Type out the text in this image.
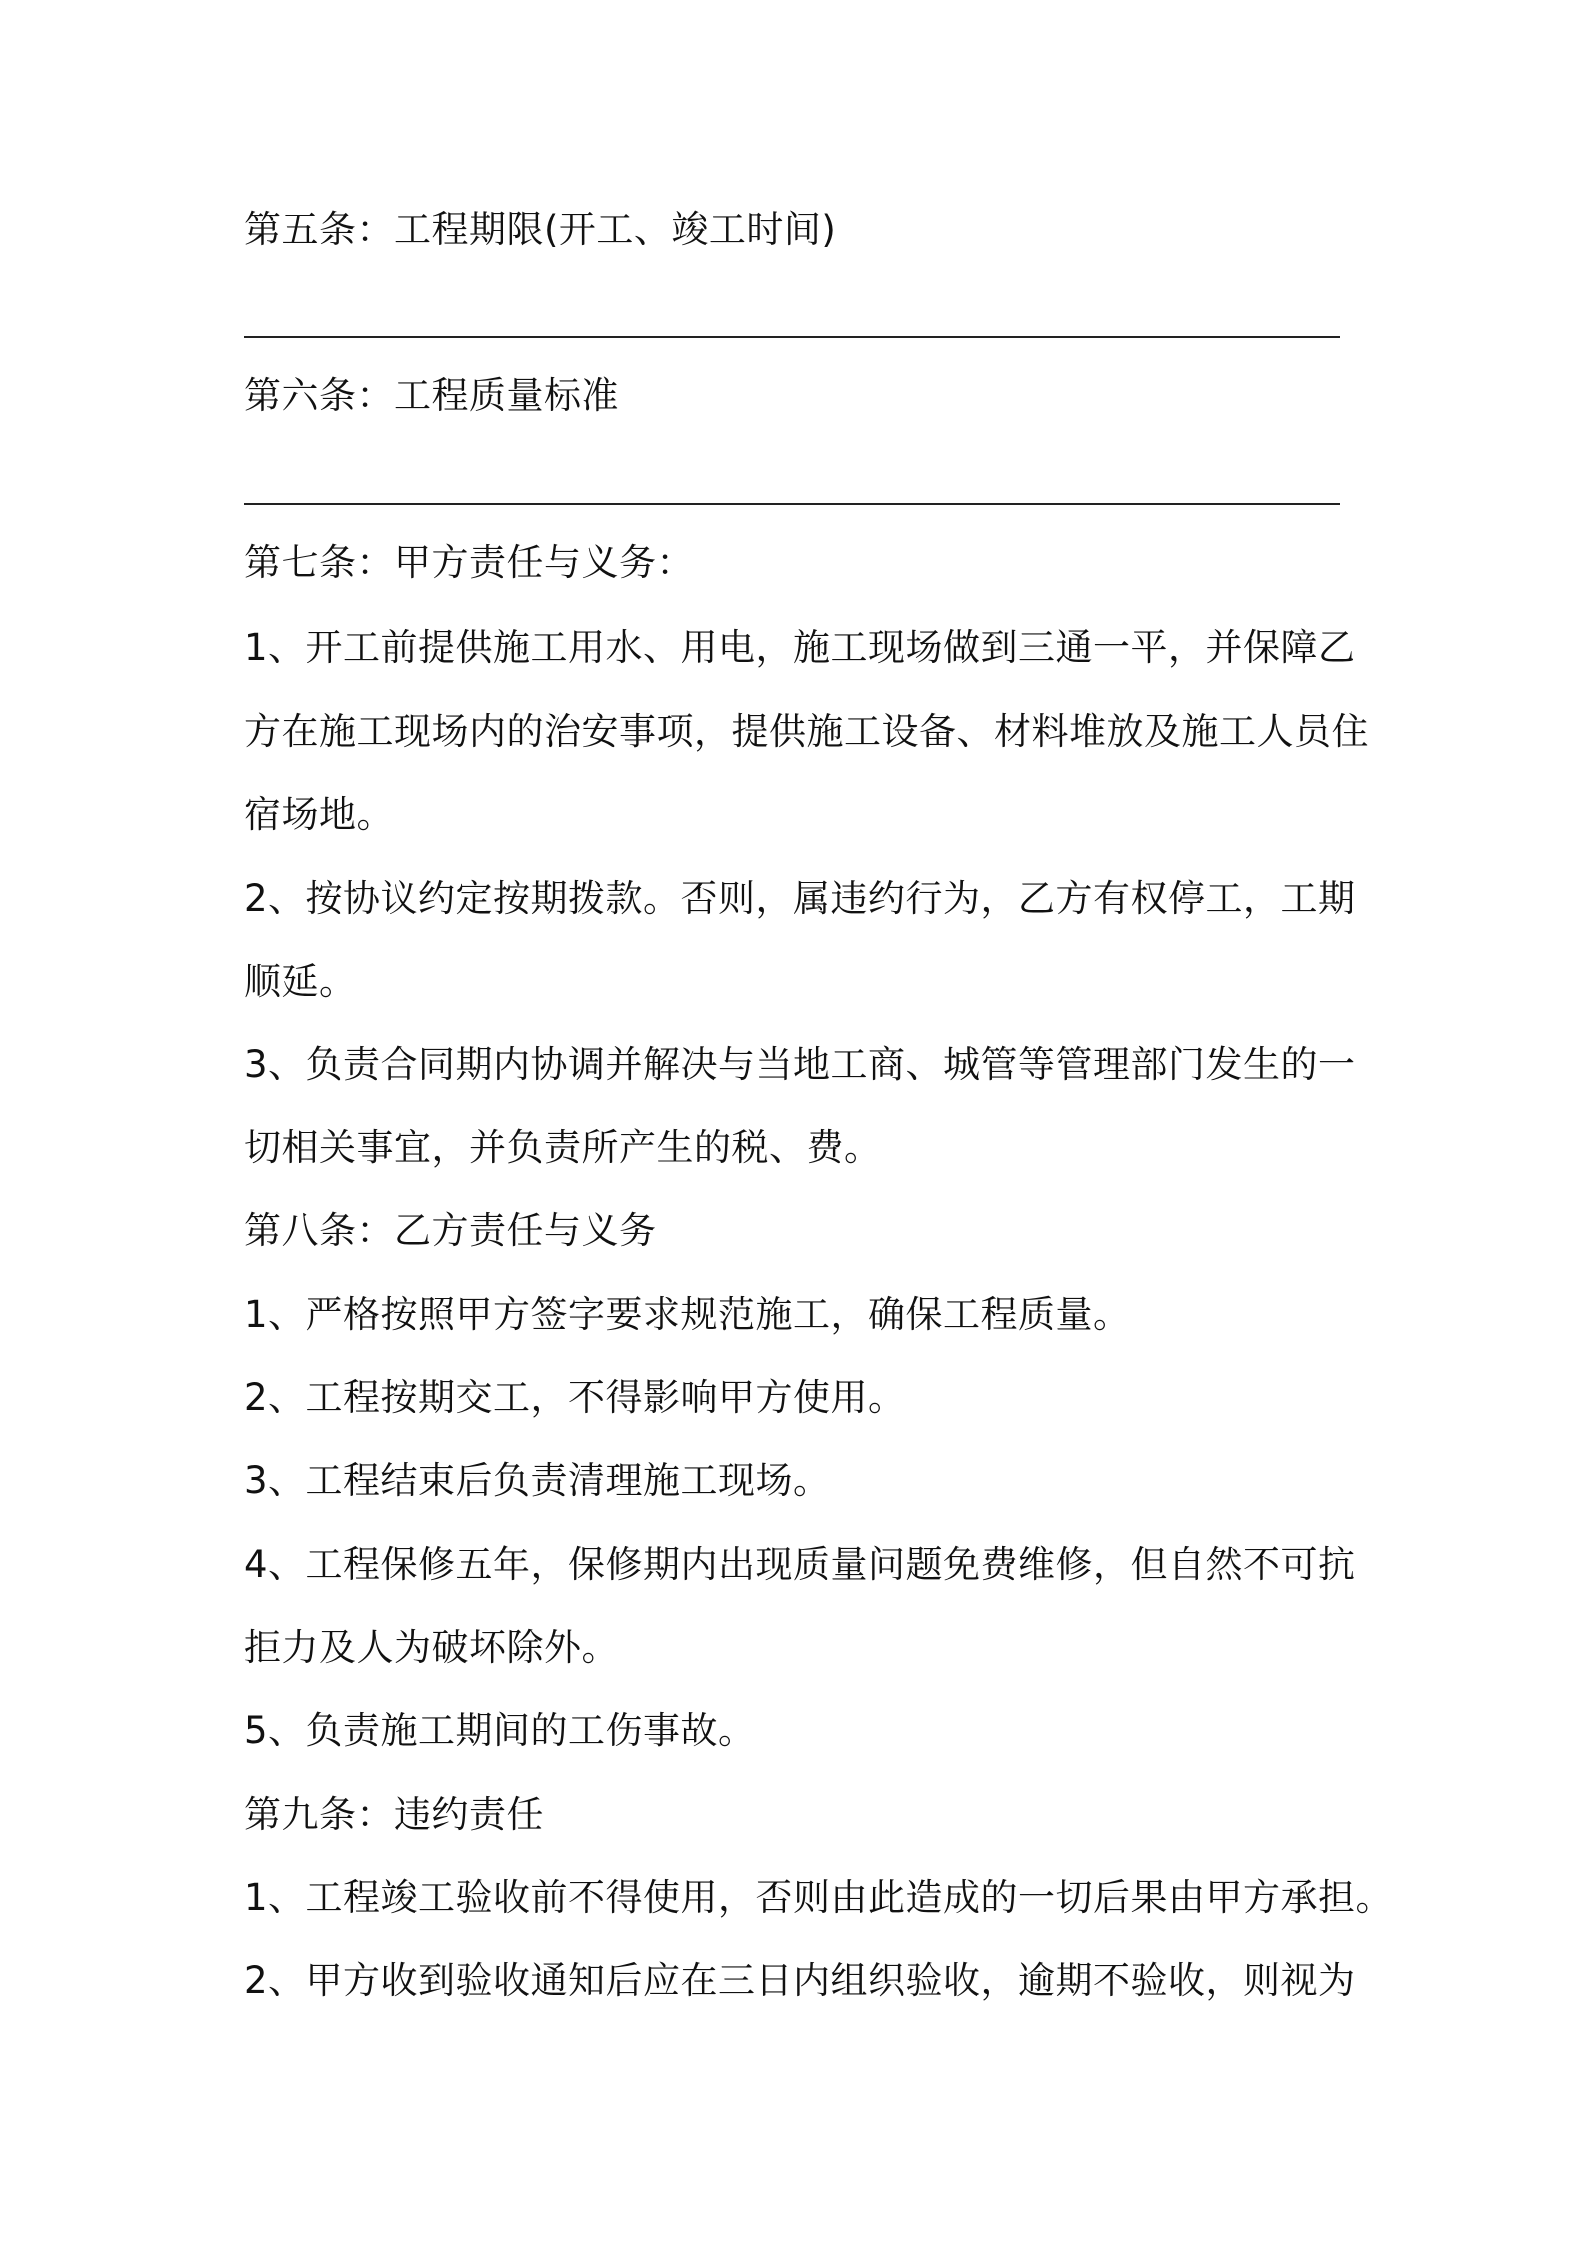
第五条：工程期限(开工、竣工时间)
第六条：工程质量标准
第七条：甲方责任与义务：
1、开工前提供施工用水、用电，施工现场做到三通一平，并保障乙
方在施工现场内的治安事项，提供施工设备、材料堆放及施工人员住
宿场地。
2、按协议约定按期拨款。否则，属违约行为，乙方有权停工，工期
顺延。
3、负责合同期内协调并解决与当地工商、城管等管理部门发生的一
切相关事宜，并负责所产生的税、费。
第八条：乙方责任与义务
1、严格按照甲方签字要求规范施工，确保工程质量。
2、工程按期交工，不得影响甲方使用。
3、工程结束后负责清理施工现场。
4、工程保修五年，保修期内出现质量问题免费维修，但自然不可抗
拒力及人为破坏除外。
5、负责施工期间的工伤事故。
第九条：违约责任
1、工程竣工验收前不得使用，否则由此造成的一切后果由甲方承担。
2、甲方收到验收通知后应在三日内组织验收，逾期不验收，则视为
